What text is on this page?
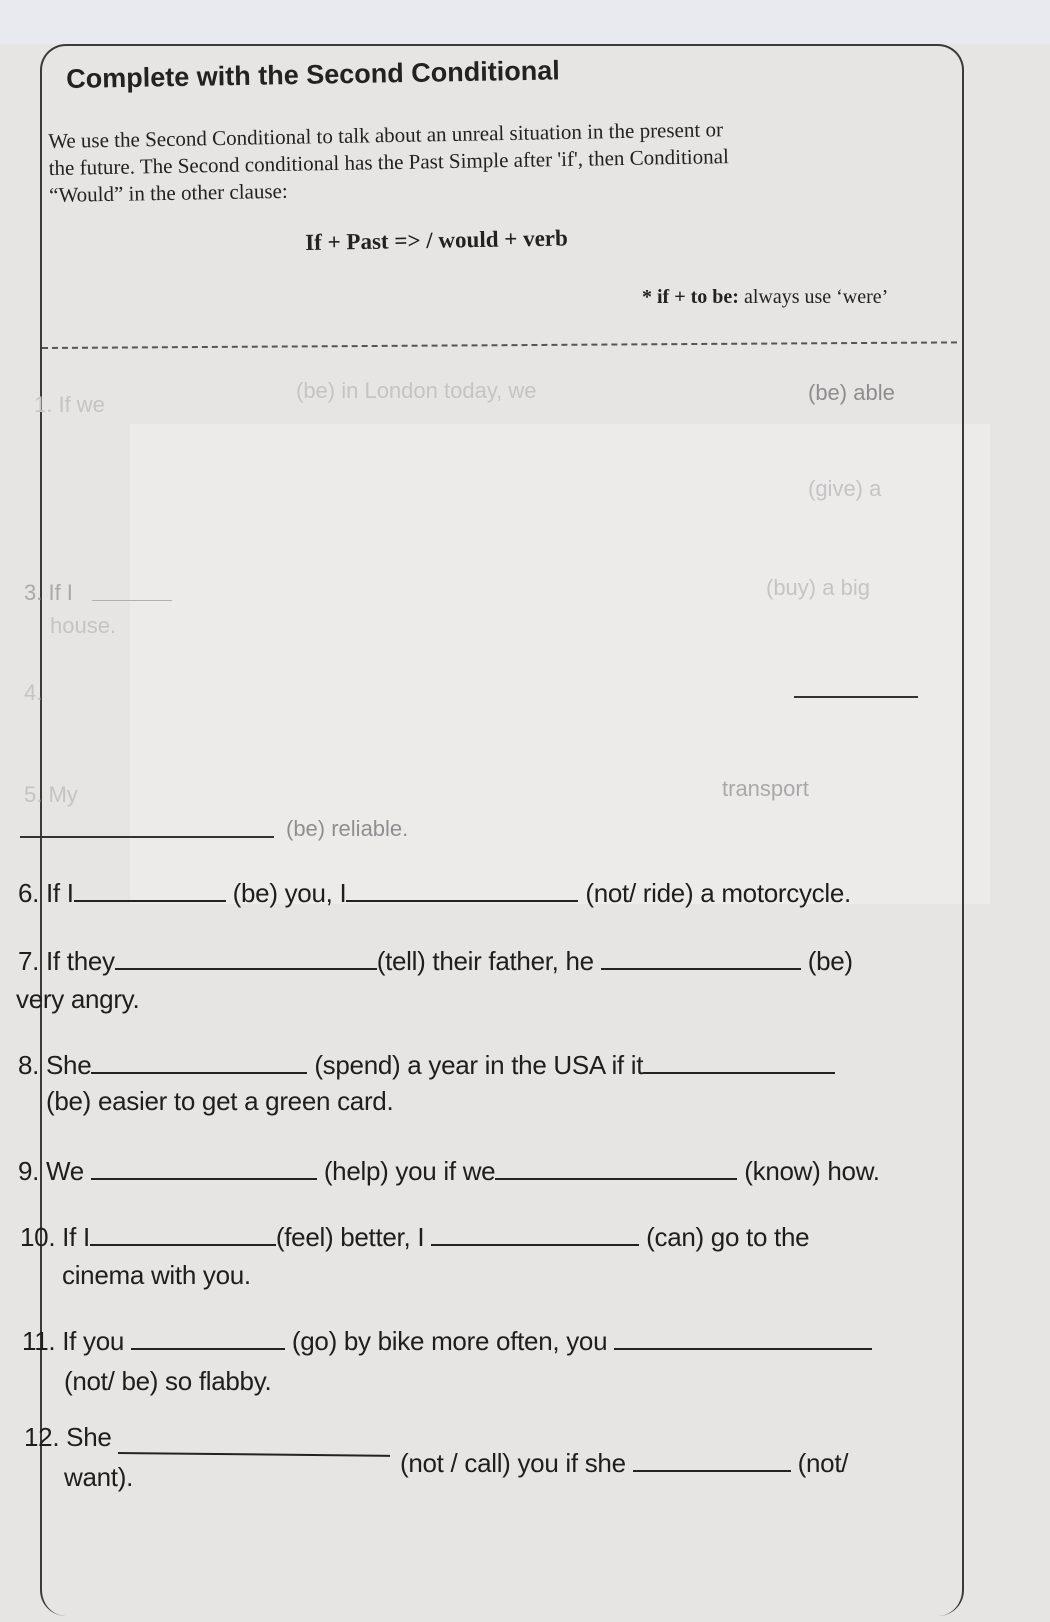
Complete with the Second Conditional
We use the Second Conditional to talk about an unreal situation in the present or
the future. The Second conditional has the Past Simple after 'if', then Conditional
“Would” in the other clause:
If + Past => / would + verb
* if + to be: always use ‘were’
1. If we
(be) in London today, we	(be) able
(give) a
3. If I	(buy) a big
house.
4.
5. My	transport
(be) reliable.
6. If I	(be) you, I	(not/ ride) a motorcycle.
7. If they	(tell) their father, he	(be)
very angry.
8. She	(spend) a year in the USA if it
(be) easier to get a green card.
9. We	(help) you if we	(know) how.
10. If I	(feel) better, I	(can) go to the
cinema with you.
11. If you	(go) by bike more often, you
(not/ be) so flabby.
12. She
(not / call) you if she	(not/
want).
